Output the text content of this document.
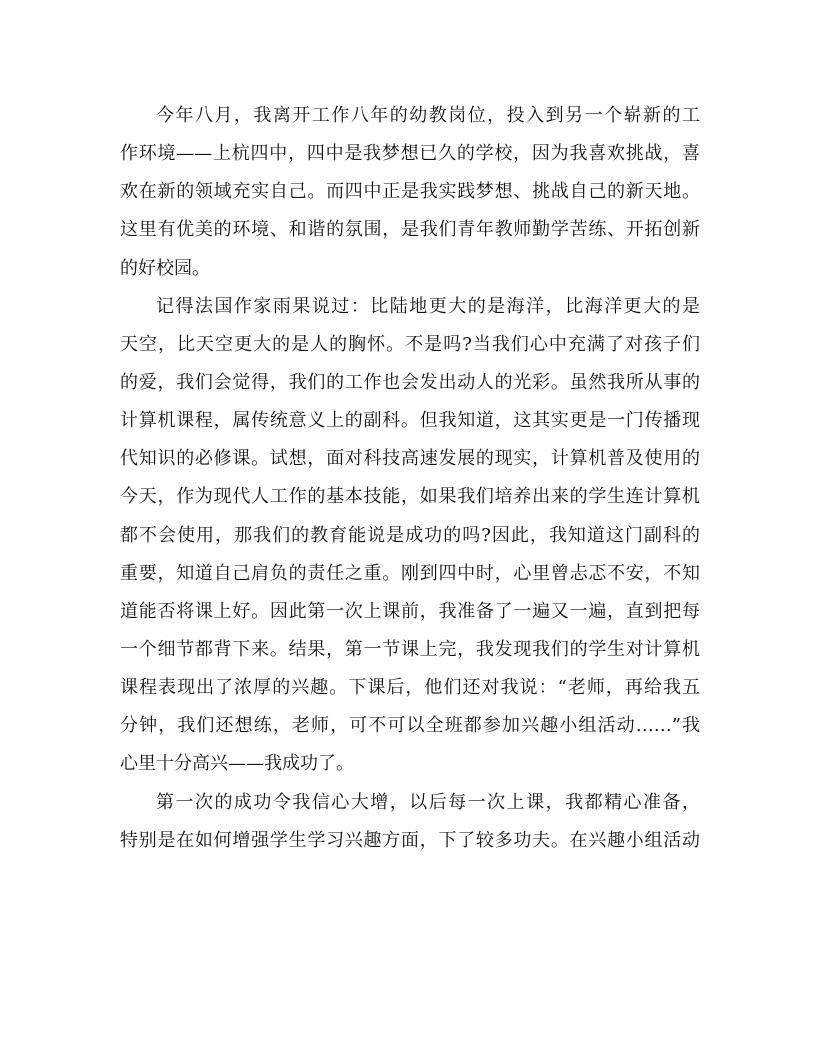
今年八月，我离开工作八年的幼教岗位，投入到另一个崭新的工
作环境——上杭四中，四中是我梦想已久的学校，因为我喜欢挑战，喜
欢在新的领域充实自己。而四中正是我实践梦想、挑战自己的新天地。
这里有优美的环境、和谐的氛围，是我们青年教师勤学苦练、开拓创新
的好校园。
记得法国作家雨果说过：比陆地更大的是海洋，比海洋更大的是
天空，比天空更大的是人的胸怀。不是吗?当我们心中充满了对孩子们
的爱，我们会觉得，我们的工作也会发出动人的光彩。虽然我所从事的
计算机课程，属传统意义上的副科。但我知道，这其实更是一门传播现
代知识的必修课。试想，面对科技高速发展的现实，计算机普及使用的
今天，作为现代人工作的基本技能，如果我们培养出来的学生连计算机
都不会使用，那我们的教育能说是成功的吗?因此，我知道这门副科的
重要，知道自己肩负的责任之重。刚到四中时，心里曾忐忑不安，不知
道能否将课上好。因此第一次上课前，我准备了一遍又一遍，直到把每
一个细节都背下来。结果，第一节课上完，我发现我们的学生对计算机
课程表现出了浓厚的兴趣。下课后，他们还对我说：“老师，再给我五
分钟，我们还想练，老师，可不可以全班都参加兴趣小组活动……”我
心里十分高兴——我成功了。
第一次的成功令我信心大增，以后每一次上课，我都精心准备，
特别是在如何增强学生学习兴趣方面，下了较多功夫。在兴趣小组活动
